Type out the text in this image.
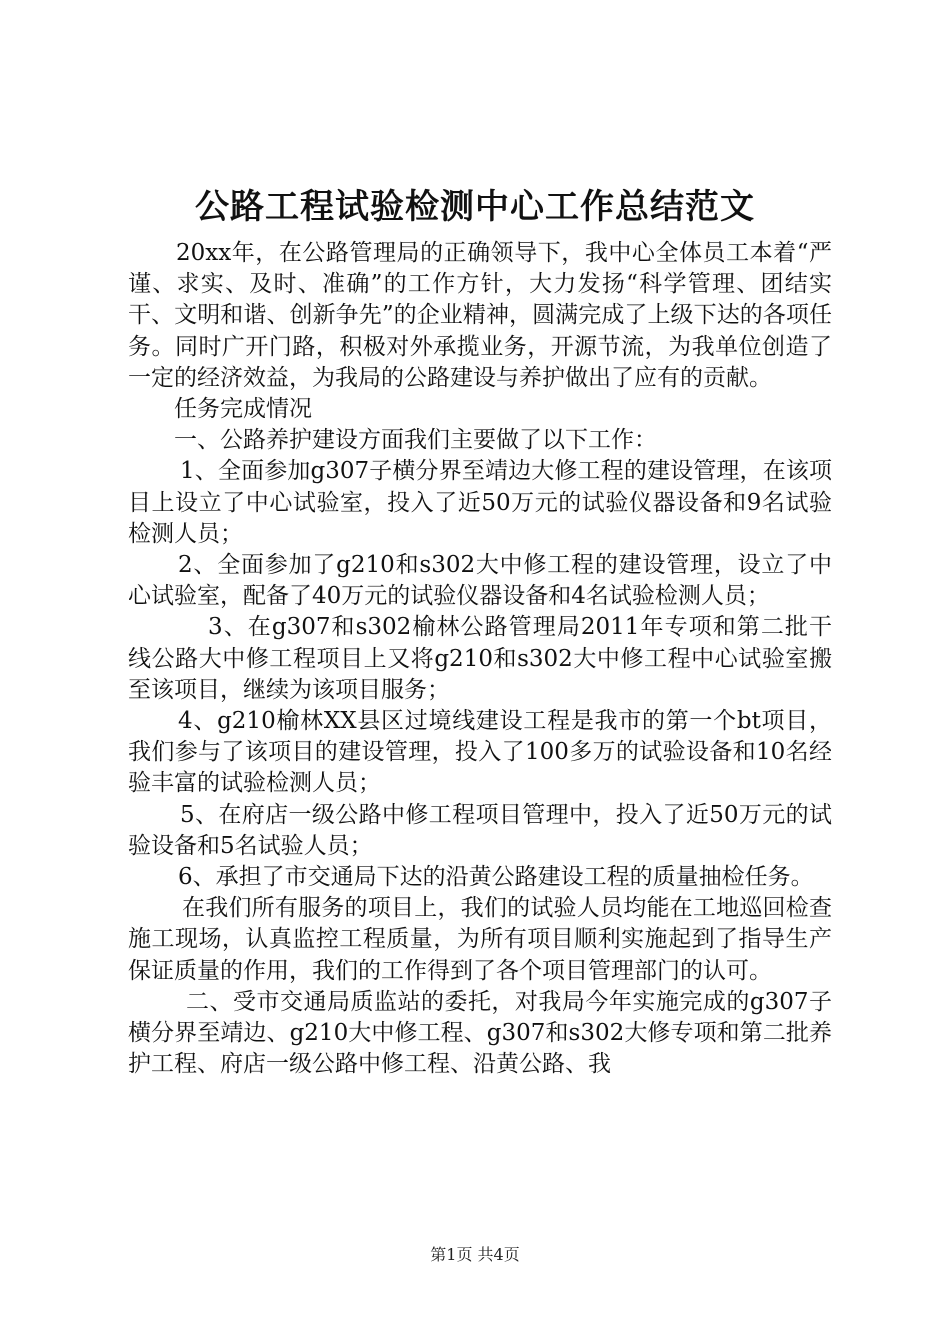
公路工程试验检测中心工作总结范文

20xx年，在公路管理局的正确领导下，我中心全体员工本着“严谨、求实、及时、准确”的工作方针，大力发扬“科学管理、团结实干、文明和谐、创新争先”的企业精神，圆满完成了上级下达的各项任务。同时广开门路，积极对外承揽业务，开源节流，为我单位创造了一定的经济效益，为我局的公路建设与养护做出了应有的贡献。

任务完成情况

一、公路养护建设方面我们主要做了以下工作：

1、全面参加g307子横分界至靖边大修工程的建设管理，在该项目上设立了中心试验室，投入了近50万元的试验仪器设备和9名试验检测人员；

2、全面参加了g210和s302大中修工程的建设管理，设立了中心试验室，配备了40万元的试验仪器设备和4名试验检测人员；

3、在g307和s302榆林公路管理局2011年专项和第二批干线公路大中修工程项目上又将g210和s302大中修工程中心试验室搬至该项目，继续为该项目服务；

4、g210榆林XX县区过境线建设工程是我市的第一个bt项目，我们参与了该项目的建设管理，投入了100多万的试验设备和10名经验丰富的试验检测人员；

5、在府店一级公路中修工程项目管理中，投入了近50万元的试验设备和5名试验人员；

6、承担了市交通局下达的沿黄公路建设工程的质量抽检任务。

在我们所有服务的项目上，我们的试验人员均能在工地巡回检查施工现场，认真监控工程质量，为所有项目顺利实施起到了指导生产保证质量的作用，我们的工作得到了各个项目管理部门的认可。

二、受市交通局质监站的委托，对我局今年实施完成的g307子横分界至靖边、g210大中修工程、g307和s302大修专项和第二批养护工程、府店一级公路中修工程、沿黄公路、我

第1页 共4页
